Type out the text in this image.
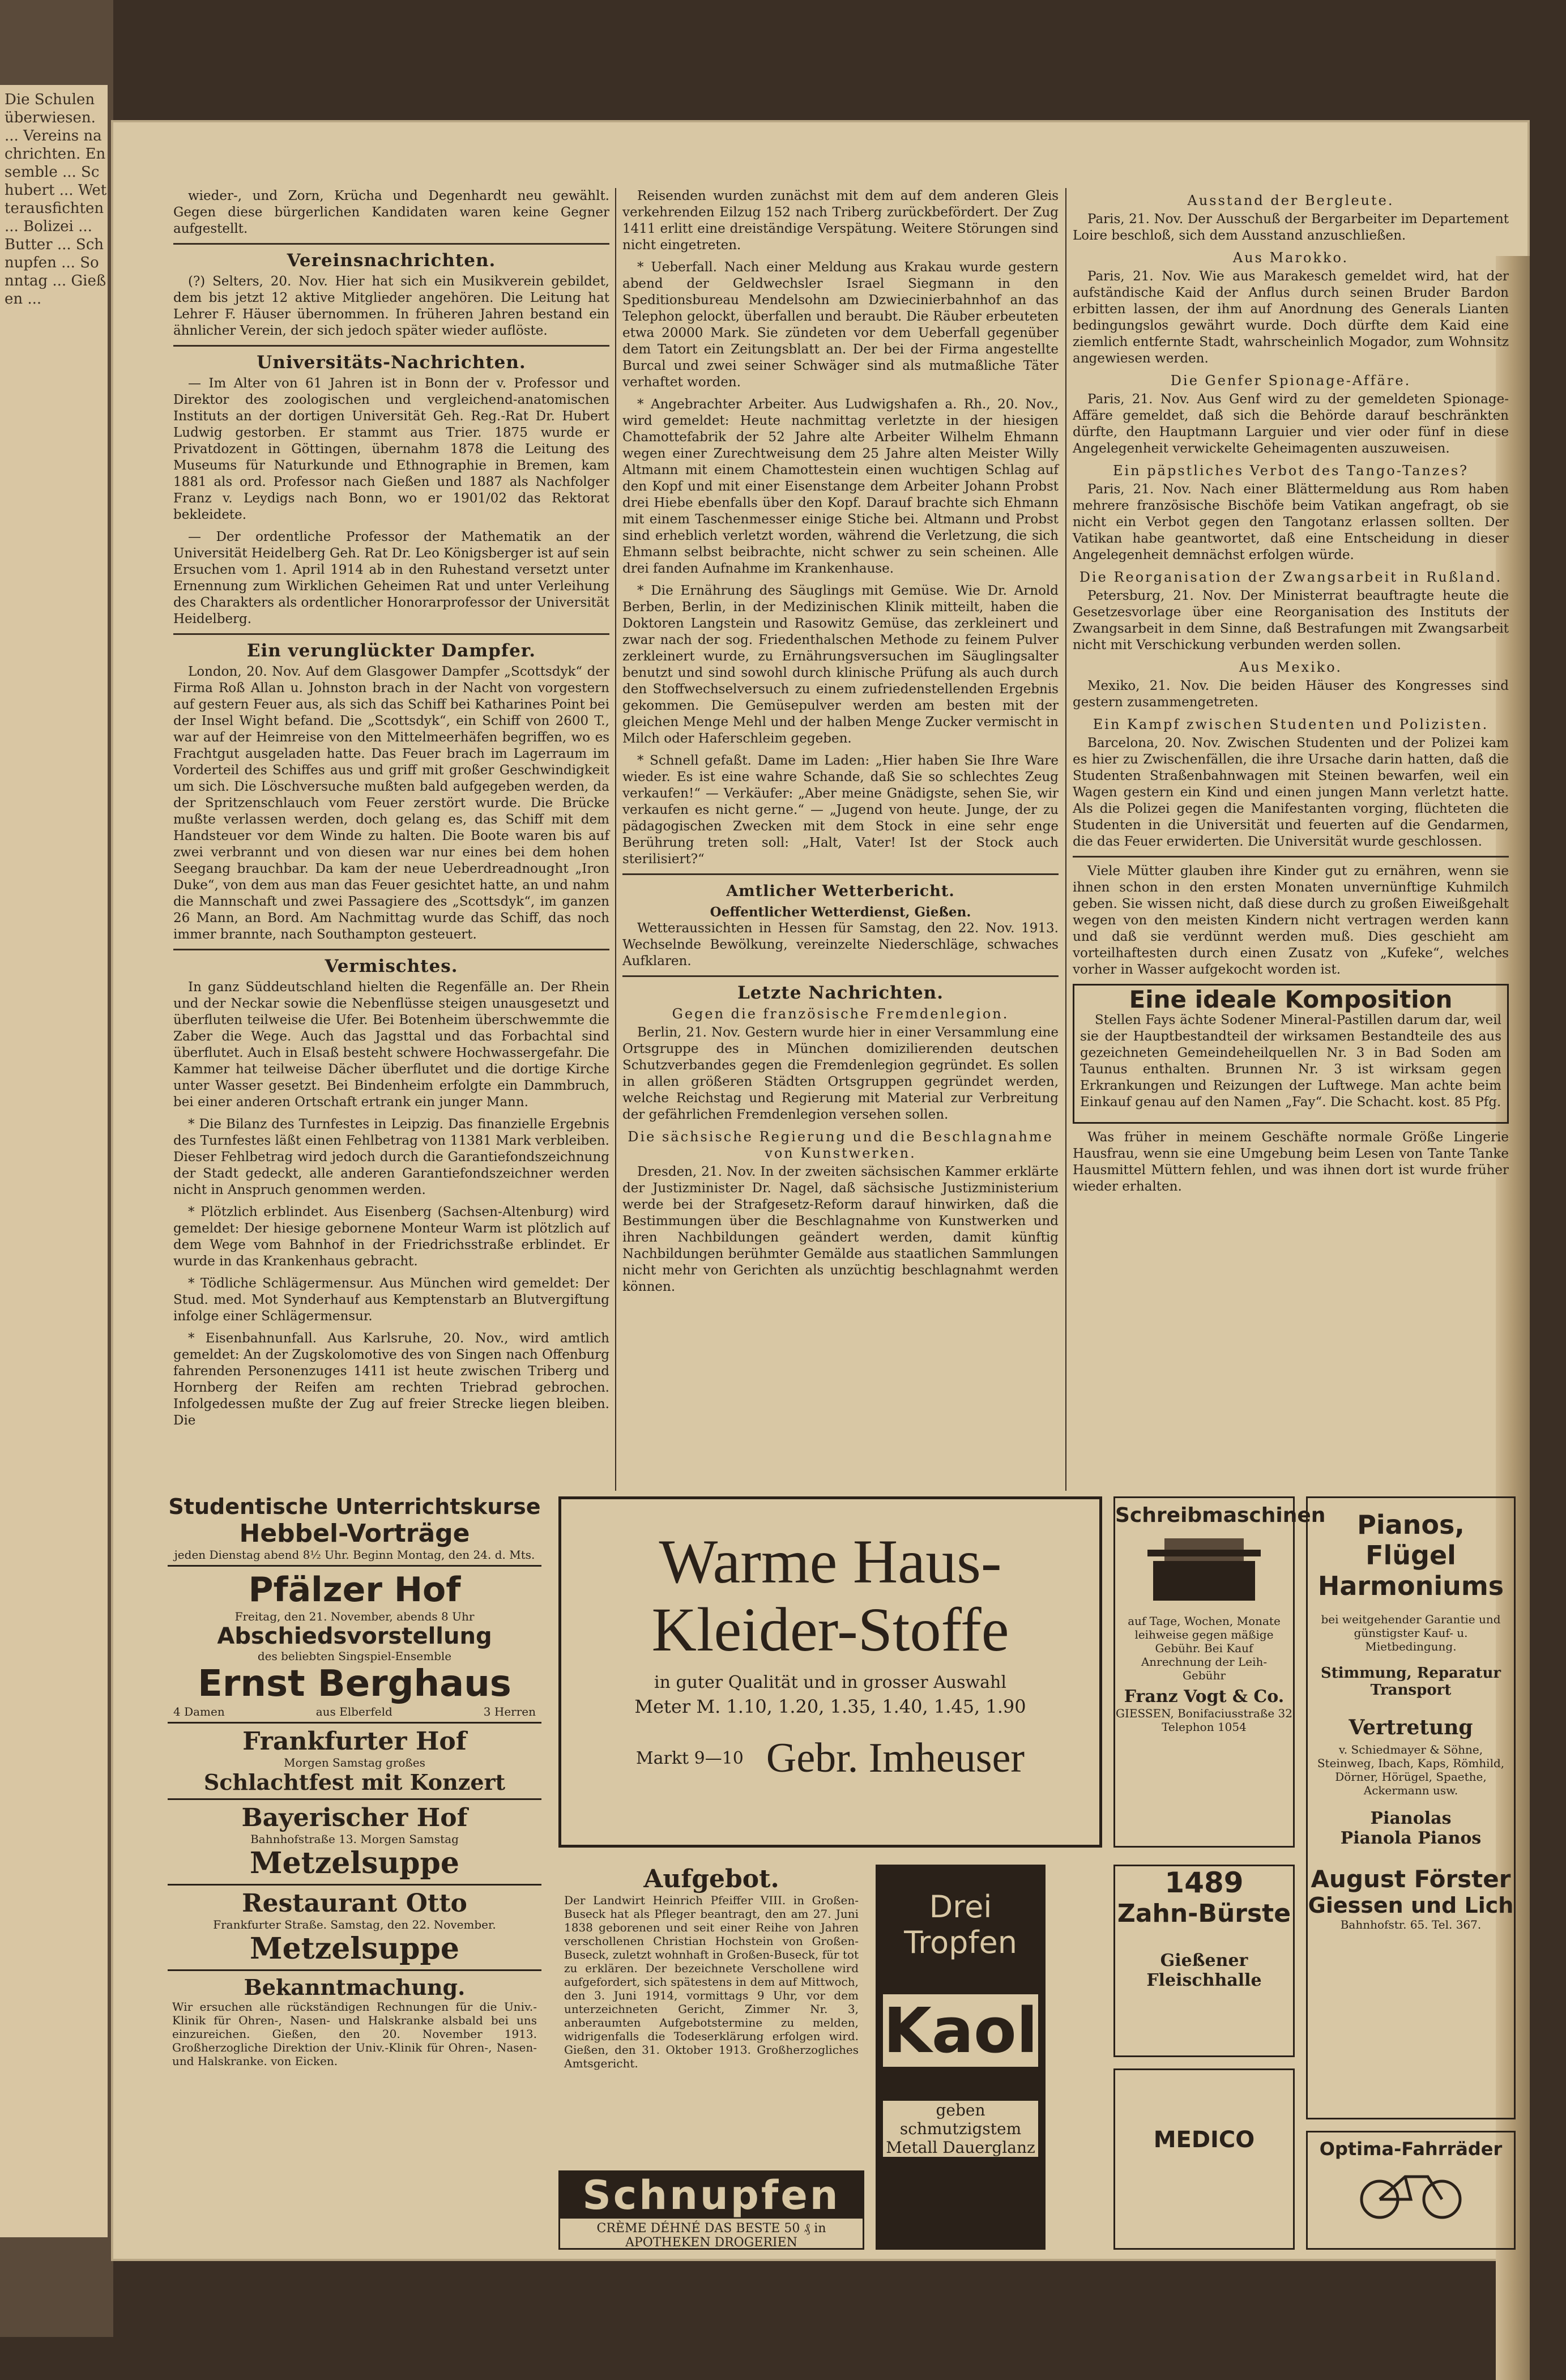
Die Schulen überwiesen. ... Vereins nachrichten. Ensemble ... Schubert ... Wetterausfichten ... Bolizei ... Butter ... Schnupfen ... Sonntag ... Gießen ...

wieder-, und Zorn, Krücha und Degenhardt neu gewählt. Gegen diese bürgerlichen Kandidaten waren keine Gegner aufgestellt.

Vereinsnachrichten.

(?) Selters, 20. Nov. Hier hat sich ein Musikverein gebildet, dem bis jetzt 12 aktive Mitglieder angehören. Die Leitung hat Lehrer F. Häuser übernommen. In früheren Jahren bestand ein ähnlicher Verein, der sich jedoch später wieder auflöste.

Universitäts-Nachrichten.

— Im Alter von 61 Jahren ist in Bonn der v. Professor und Direktor des zoologischen und vergleichend-anatomischen Instituts an der dortigen Universität Geh. Reg.-Rat Dr. Hubert Ludwig gestorben. Er stammt aus Trier. 1875 wurde er Privatdozent in Göttingen, übernahm 1878 die Leitung des Museums für Naturkunde und Ethnographie in Bremen, kam 1881 als ord. Professor nach Gießen und 1887 als Nachfolger Franz v. Leydigs nach Bonn, wo er 1901/02 das Rektorat bekleidete.

— Der ordentliche Professor der Mathematik an der Universität Heidelberg Geh. Rat Dr. Leo Königsberger ist auf sein Ersuchen vom 1. April 1914 ab in den Ruhestand versetzt unter Ernennung zum Wirklichen Geheimen Rat und unter Verleihung des Charakters als ordentlicher Honorarprofessor der Universität Heidelberg.

Ein verunglückter Dampfer.

London, 20. Nov. Auf dem Glasgower Dampfer „Scottsdyk“ der Firma Roß Allan u. Johnston brach in der Nacht von vorgestern auf gestern Feuer aus, als sich das Schiff bei Katharines Point bei der Insel Wight befand. Die „Scottsdyk“, ein Schiff von 2600 T., war auf der Heimreise von den Mittelmeerhäfen begriffen, wo es Frachtgut ausgeladen hatte. Das Feuer brach im Lagerraum im Vorderteil des Schiffes aus und griff mit großer Geschwindigkeit um sich. Die Löschversuche mußten bald aufgegeben werden, da der Spritzenschlauch vom Feuer zerstört wurde. Die Brücke mußte verlassen werden, doch gelang es, das Schiff mit dem Handsteuer vor dem Winde zu halten. Die Boote waren bis auf zwei verbrannt und von diesen war nur eines bei dem hohen Seegang brauchbar. Da kam der neue Ueberdreadnought „Iron Duke“, von dem aus man das Feuer gesichtet hatte, an und nahm die Mannschaft und zwei Passagiere des „Scottsdyk“, im ganzen 26 Mann, an Bord. Am Nachmittag wurde das Schiff, das noch immer brannte, nach Southampton gesteuert.

Vermischtes.

In ganz Süddeutschland hielten die Regenfälle an. Der Rhein und der Neckar sowie die Nebenflüsse steigen unausgesetzt und überfluten teilweise die Ufer. Bei Botenheim überschwemmte die Zaber die Wege. Auch das Jagsttal und das Forbachtal sind überflutet. Auch in Elsaß besteht schwere Hochwassergefahr. Die Kammer hat teilweise Dächer überflutet und die dortige Kirche unter Wasser gesetzt. Bei Bindenheim erfolgte ein Dammbruch, bei einer anderen Ortschaft ertrank ein junger Mann.

* Die Bilanz des Turnfestes in Leipzig. Das finanzielle Ergebnis des Turnfestes läßt einen Fehlbetrag von 11381 Mark verbleiben. Dieser Fehlbetrag wird jedoch durch die Garantiefondszeichnung der Stadt gedeckt, alle anderen Garantiefondszeichner werden nicht in Anspruch genommen werden.

* Plötzlich erblindet. Aus Eisenberg (Sachsen-Altenburg) wird gemeldet: Der hiesige gebornene Monteur Warm ist plötzlich auf dem Wege vom Bahnhof in der Friedrichsstraße erblindet. Er wurde in das Krankenhaus gebracht.

* Tödliche Schlägermensur. Aus München wird gemeldet: Der Stud. med. Mot Synderhauf aus Kemptenstarb an Blutvergiftung infolge einer Schlägermensur.

* Eisenbahnunfall. Aus Karlsruhe, 20. Nov., wird amtlich gemeldet: An der Zugskolomotive des von Singen nach Offenburg fahrenden Personenzuges 1411 ist heute zwischen Triberg und Hornberg der Reifen am rechten Triebrad gebrochen. Infolgedessen mußte der Zug auf freier Strecke liegen bleiben. Die

Reisenden wurden zunächst mit dem auf dem anderen Gleis verkehrenden Eilzug 152 nach Triberg zurückbefördert. Der Zug 1411 erlitt eine dreiständige Verspätung. Weitere Störungen sind nicht eingetreten.

* Ueberfall. Nach einer Meldung aus Krakau wurde gestern abend der Geldwechsler Israel Siegmann in den Speditionsbureau Mendelsohn am Dzwiecinierbahnhof an das Telephon gelockt, überfallen und beraubt. Die Räuber erbeuteten etwa 20000 Mark. Sie zündeten vor dem Ueberfall gegenüber dem Tatort ein Zeitungsblatt an. Der bei der Firma angestellte Burcal und zwei seiner Schwäger sind als mutmaßliche Täter verhaftet worden.

* Angebrachter Arbeiter. Aus Ludwigshafen a. Rh., 20. Nov., wird gemeldet: Heute nachmittag verletzte in der hiesigen Chamottefabrik der 52 Jahre alte Arbeiter Wilhelm Ehmann wegen einer Zurechtweisung dem 25 Jahre alten Meister Willy Altmann mit einem Chamottestein einen wuchtigen Schlag auf den Kopf und mit einer Eisenstange dem Arbeiter Johann Probst drei Hiebe ebenfalls über den Kopf. Darauf brachte sich Ehmann mit einem Taschenmesser einige Stiche bei. Altmann und Probst sind erheblich verletzt worden, während die Verletzung, die sich Ehmann selbst beibrachte, nicht schwer zu sein scheinen. Alle drei fanden Aufnahme im Krankenhause.

* Die Ernährung des Säuglings mit Gemüse. Wie Dr. Arnold Berben, Berlin, in der Medizinischen Klinik mitteilt, haben die Doktoren Langstein und Rasowitz Gemüse, das zerkleinert und zwar nach der sog. Friedenthalschen Methode zu feinem Pulver zerkleinert wurde, zu Ernährungsversuchen im Säuglingsalter benutzt und sind sowohl durch klinische Prüfung als auch durch den Stoffwechselversuch zu einem zufriedenstellenden Ergebnis gekommen. Die Gemüsepulver werden am besten mit der gleichen Menge Mehl und der halben Menge Zucker vermischt in Milch oder Haferschleim gegeben.

* Schnell gefaßt. Dame im Laden: „Hier haben Sie Ihre Ware wieder. Es ist eine wahre Schande, daß Sie so schlechtes Zeug verkaufen!“ — Verkäufer: „Aber meine Gnädigste, sehen Sie, wir verkaufen es nicht gerne.“ — „Jugend von heute. Junge, der zu pädagogischen Zwecken mit dem Stock in eine sehr enge Berührung treten soll: „Halt, Vater! Ist der Stock auch sterilisiert?“

Amtlicher Wetterbericht.
Oeffentlicher Wetterdienst, Gießen.

Wetteraussichten in Hessen für Samstag, den 22. Nov. 1913. Wechselnde Bewölkung, vereinzelte Niederschläge, schwaches Aufklaren.

Letzte Nachrichten.
Gegen die französische Fremdenlegion.

Berlin, 21. Nov. Gestern wurde hier in einer Versammlung eine Ortsgruppe des in München domizilierenden deutschen Schutzverbandes gegen die Fremdenlegion gegründet. Es sollen in allen größeren Städten Ortsgruppen gegründet werden, welche Reichstag und Regierung mit Material zur Verbreitung der gefährlichen Fremdenlegion versehen sollen.

Die sächsische Regierung und die Beschlagnahme von Kunstwerken.

Dresden, 21. Nov. In der zweiten sächsischen Kammer erklärte der Justizminister Dr. Nagel, daß sächsische Justizministerium werde bei der Strafgesetz-Reform darauf hinwirken, daß die Bestimmungen über die Beschlagnahme von Kunstwerken und ihren Nachbildungen geändert werden, damit künftig Nachbildungen berühmter Gemälde aus staatlichen Sammlungen nicht mehr von Gerichten als unzüchtig beschlagnahmt werden können.

Ausstand der Bergleute.

Paris, 21. Nov. Der Ausschuß der Bergarbeiter im Departement Loire beschloß, sich dem Ausstand anzuschließen.

Aus Marokko.

Paris, 21. Nov. Wie aus Marakesch gemeldet wird, hat der aufständische Kaid der Anflus durch seinen Bruder Bardon erbitten lassen, der ihm auf Anordnung des Generals Lianten bedingungslos gewährt wurde. Doch dürfte dem Kaid eine ziemlich entfernte Stadt, wahrscheinlich Mogador, zum Wohnsitz angewiesen werden.

Die Genfer Spionage-Affäre.

Paris, 21. Nov. Aus Genf wird zu der gemeldeten Spionage-Affäre gemeldet, daß sich die Behörde darauf beschränkten dürfte, den Hauptmann Larguier und vier oder fünf in diese Angelegenheit verwickelte Geheimagenten auszuweisen.

Ein päpstliches Verbot des Tango-Tanzes?

Paris, 21. Nov. Nach einer Blättermeldung aus Rom haben mehrere französische Bischöfe beim Vatikan angefragt, ob sie nicht ein Verbot gegen den Tangotanz erlassen sollten. Der Vatikan habe geantwortet, daß eine Entscheidung in dieser Angelegenheit demnächst erfolgen würde.

Die Reorganisation der Zwangsarbeit in Rußland.

Petersburg, 21. Nov. Der Ministerrat beauftragte heute die Gesetzesvorlage über eine Reorganisation des Instituts der Zwangsarbeit in dem Sinne, daß Bestrafungen mit Zwangsarbeit nicht mit Verschickung verbunden werden sollen.

Aus Mexiko.

Mexiko, 21. Nov. Die beiden Häuser des Kongresses sind gestern zusammengetreten.

Ein Kampf zwischen Studenten und Polizisten.

Barcelona, 20. Nov. Zwischen Studenten und der Polizei kam es hier zu Zwischenfällen, die ihre Ursache darin hatten, daß die Studenten Straßenbahnwagen mit Steinen bewarfen, weil ein Wagen gestern ein Kind und einen jungen Mann verletzt hatte. Als die Polizei gegen die Manifestanten vorging, flüchteten die Studenten in die Universität und feuerten auf die Gendarmen, die das Feuer erwiderten. Die Universität wurde geschlossen.

Viele Mütter glauben ihre Kinder gut zu ernähren, wenn sie ihnen schon in den ersten Monaten unvernünftige Kuhmilch geben. Sie wissen nicht, daß diese durch zu großen Eiweißgehalt wegen von den meisten Kindern nicht vertragen werden kann und daß sie verdünnt werden muß. Dies geschieht am vorteilhaftesten durch einen Zusatz von „Kufeke“, welches vorher in Wasser aufgekocht worden ist.

Eine ideale Komposition

Stellen Fays ächte Sodener Mineral-Pastillen darum dar, weil sie der Hauptbestandteil der wirksamen Bestandteile des aus gezeichneten Gemeindeheilquellen Nr. 3 in Bad Soden am Taunus enthalten. Brunnen Nr. 3 ist wirksam gegen Erkrankungen und Reizungen der Luftwege. Man achte beim Einkauf genau auf den Namen „Fay“. Die Schacht. kost. 85 Pfg.

Was früher in meinem Geschäfte normale Größe Lingerie Hausfrau, wenn sie eine Umgebung beim Lesen von Tante Tanke Hausmittel Müttern fehlen, und was ihnen dort ist wurde früher wieder erhalten.

Studentische Unterrichtskurse
Hebbel-Vorträge
jeden Dienstag abend 8½ Uhr. Beginn Montag, den 24. d. Mts.
Pfälzer Hof
Freitag, den 21. November, abends 8 Uhr
Abschiedsvorstellung
des beliebten Singspiel-Ensemble
Ernst Berghaus
4 Damen	aus Elberfeld	3 Herren
Frankfurter Hof
Morgen Samstag großes
Schlachtfest mit Konzert
Bayerischer Hof
Bahnhofstraße 13. Morgen Samstag
Metzelsuppe
Restaurant Otto
Frankfurter Straße. Samstag, den 22. November.
Metzelsuppe
Bekanntmachung.
Wir ersuchen alle rückständigen Rechnungen für die Univ.-Klinik für Ohren-, Nasen- und Halskranke alsbald bei uns einzureichen. Gießen, den 20. November 1913. Großherzogliche Direktion der Univ.-Klinik für Ohren-, Nasen- und Halskranke. von Eicken.
Warme Haus-
Kleider-Stoffe
in guter Qualität und in grosser Auswahl
Meter M. 1.10, 1.20, 1.35, 1.40, 1.45, 1.90
Markt 9—10 Gebr. Imheuser
Aufgebot.
Der Landwirt Heinrich Pfeiffer VIII. in Großen-Buseck hat als Pfleger beantragt, den am 27. Juni 1838 geborenen und seit einer Reihe von Jahren verschollenen Christian Hochstein von Großen-Buseck, zuletzt wohnhaft in Großen-Buseck, für tot zu erklären. Der bezeichnete Verschollene wird aufgefordert, sich spätestens in dem auf Mittwoch, den 3. Juni 1914, vormittags 9 Uhr, vor dem unterzeichneten Gericht, Zimmer Nr. 3, anberaumten Aufgebotstermine zu melden, widrigenfalls die Todeserklärung erfolgen wird. Gießen, den 31. Oktober 1913. Großherzogliches Amtsgericht.
Schnupfen
CRÈME DÉHNÉ DAS BESTE 50 ₰ in APOTHEKEN DROGERIEN
Drei
Tropfen
Kaol
geben schmutzigstem Metall Dauerglanz
Schreibmaschinen
auf Tage, Wochen, Monate leihweise gegen mäßige Gebühr. Bei Kauf Anrechnung der Leih-Gebühr
Franz Vogt & Co.
GIESSEN, Bonifaciusstraße 32
Telephon 1054
1489
Zahn-Bürste
Gießener Fleischhalle
MEDICO
Pianos, Flügel
Harmoniums
bei weitgehender Garantie und günstigster Kauf- u. Mietbedingung.
Stimmung, Reparatur
Transport
Vertretung
v. Schiedmayer & Söhne, Steinweg, Ibach, Kaps, Römhild, Dörner, Hörügel, Spaethe, Ackermann usw.
Pianolas
Pianola Pianos
August Förster
Giessen und Lich
Bahnhofstr. 65. Tel. 367.
Optima-Fahrräder
